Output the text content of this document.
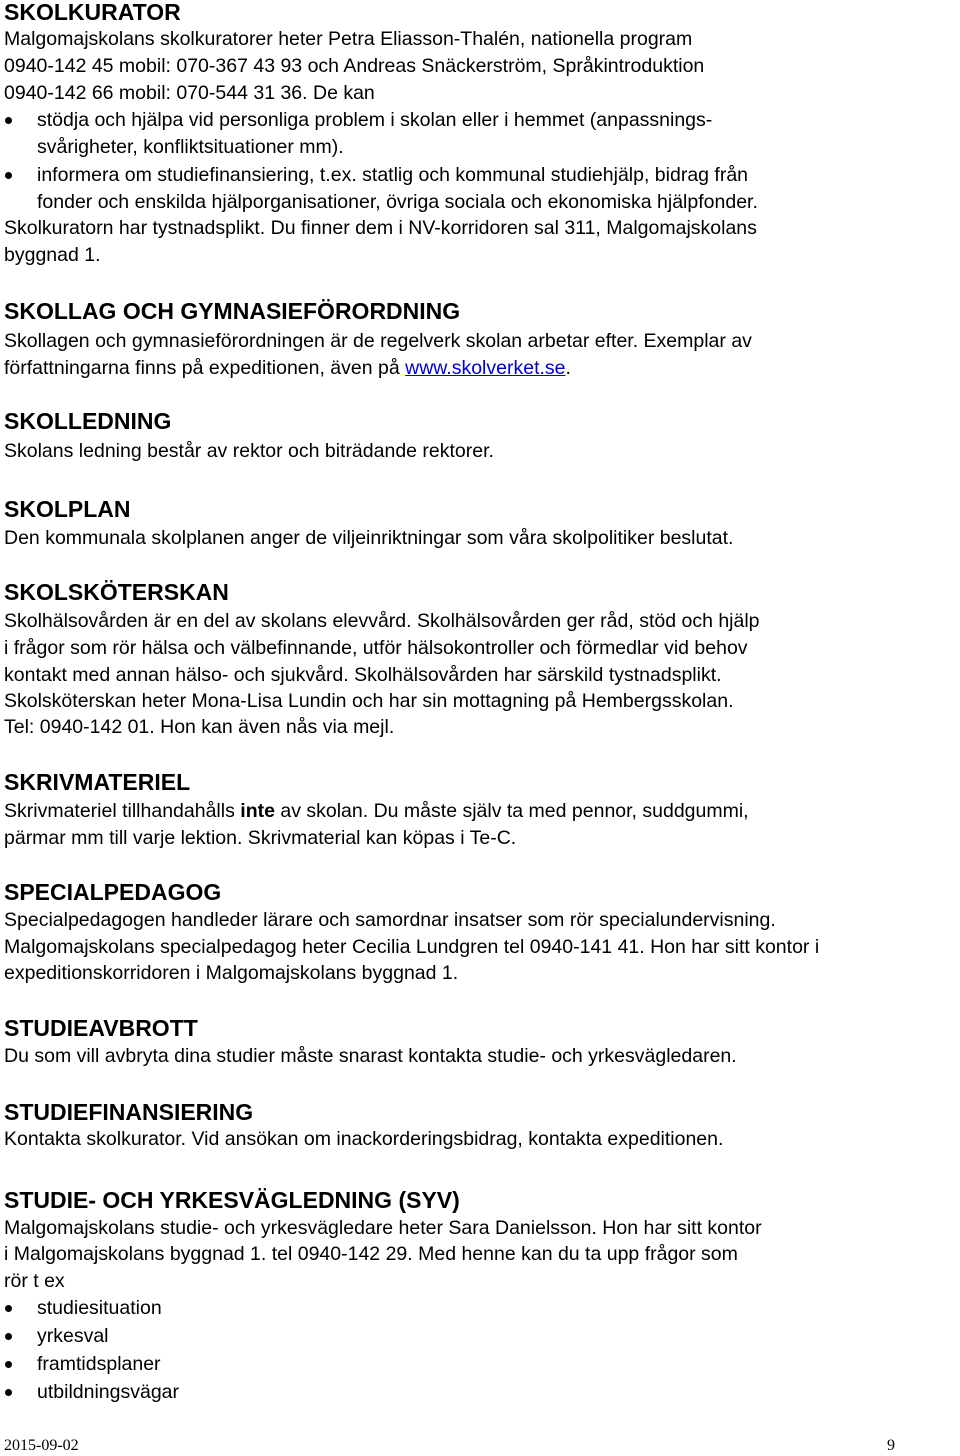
SKOLKURATOR
Malgomajskolans skolkuratorer heter Petra Eliasson-Thalén, nationella program
0940-142 45 mobil: 070-367 43 93 och Andreas Snäckerström, Språkintroduktion
0940-142 66 mobil: 070-544 31 36. De kan
stödja och hjälpa vid personliga problem i skolan eller i hemmet (anpassnings-
svårigheter, konfliktsituationer mm).
informera om studiefinansiering, t.ex. statlig och kommunal studiehjälp, bidrag från
fonder och enskilda hjälporganisationer, övriga sociala och ekonomiska hjälpfonder.
Skolkuratorn har tystnadsplikt. Du finner dem i NV-korridoren sal 311, Malgomajskolans
byggnad 1.
SKOLLAG OCH GYMNASIEFÖRORDNING
Skollagen och gymnasieförordningen är de regelverk skolan arbetar efter. Exemplar av
författningarna finns på expeditionen, även på www.skolverket.se.
SKOLLEDNING
Skolans ledning består av rektor och biträdande rektorer.
SKOLPLAN
Den kommunala skolplanen anger de viljeinriktningar som våra skolpolitiker beslutat.
SKOLSKÖTERSKAN
Skolhälsovården är en del av skolans elevvård. Skolhälsovården ger råd, stöd och hjälp
i frågor som rör hälsa och välbefinnande, utför hälsokontroller och förmedlar vid behov
kontakt med annan hälso- och sjukvård. Skolhälsovården har särskild tystnadsplikt.
Skolsköterskan heter Mona-Lisa Lundin och har sin mottagning på Hembergsskolan.
Tel: 0940-142 01. Hon kan även nås via mejl.
SKRIVMATERIEL
Skrivmateriel tillhandahålls inte av skolan. Du måste själv ta med pennor, suddgummi,
pärmar mm till varje lektion. Skrivmaterial kan köpas i Te-C.
SPECIALPEDAGOG
Specialpedagogen handleder lärare och samordnar insatser som rör specialundervisning.
Malgomajskolans specialpedagog heter Cecilia Lundgren tel 0940-141 41. Hon har sitt kontor i
expeditionskorridoren i Malgomajskolans byggnad 1.
STUDIEAVBROTT
Du som vill avbryta dina studier måste snarast kontakta studie- och yrkesvägledaren.
STUDIEFINANSIERING
Kontakta skolkurator. Vid ansökan om inackorderingsbidrag, kontakta expeditionen.
STUDIE- OCH YRKESVÄGLEDNING (SYV)
Malgomajskolans studie- och yrkesvägledare heter Sara Danielsson. Hon har sitt kontor
i Malgomajskolans byggnad 1. tel 0940-142 29. Med henne kan du ta upp frågor som
rör t ex
studiesituation
yrkesval
framtidsplaner
utbildningsvägar
2015-09-02	9
